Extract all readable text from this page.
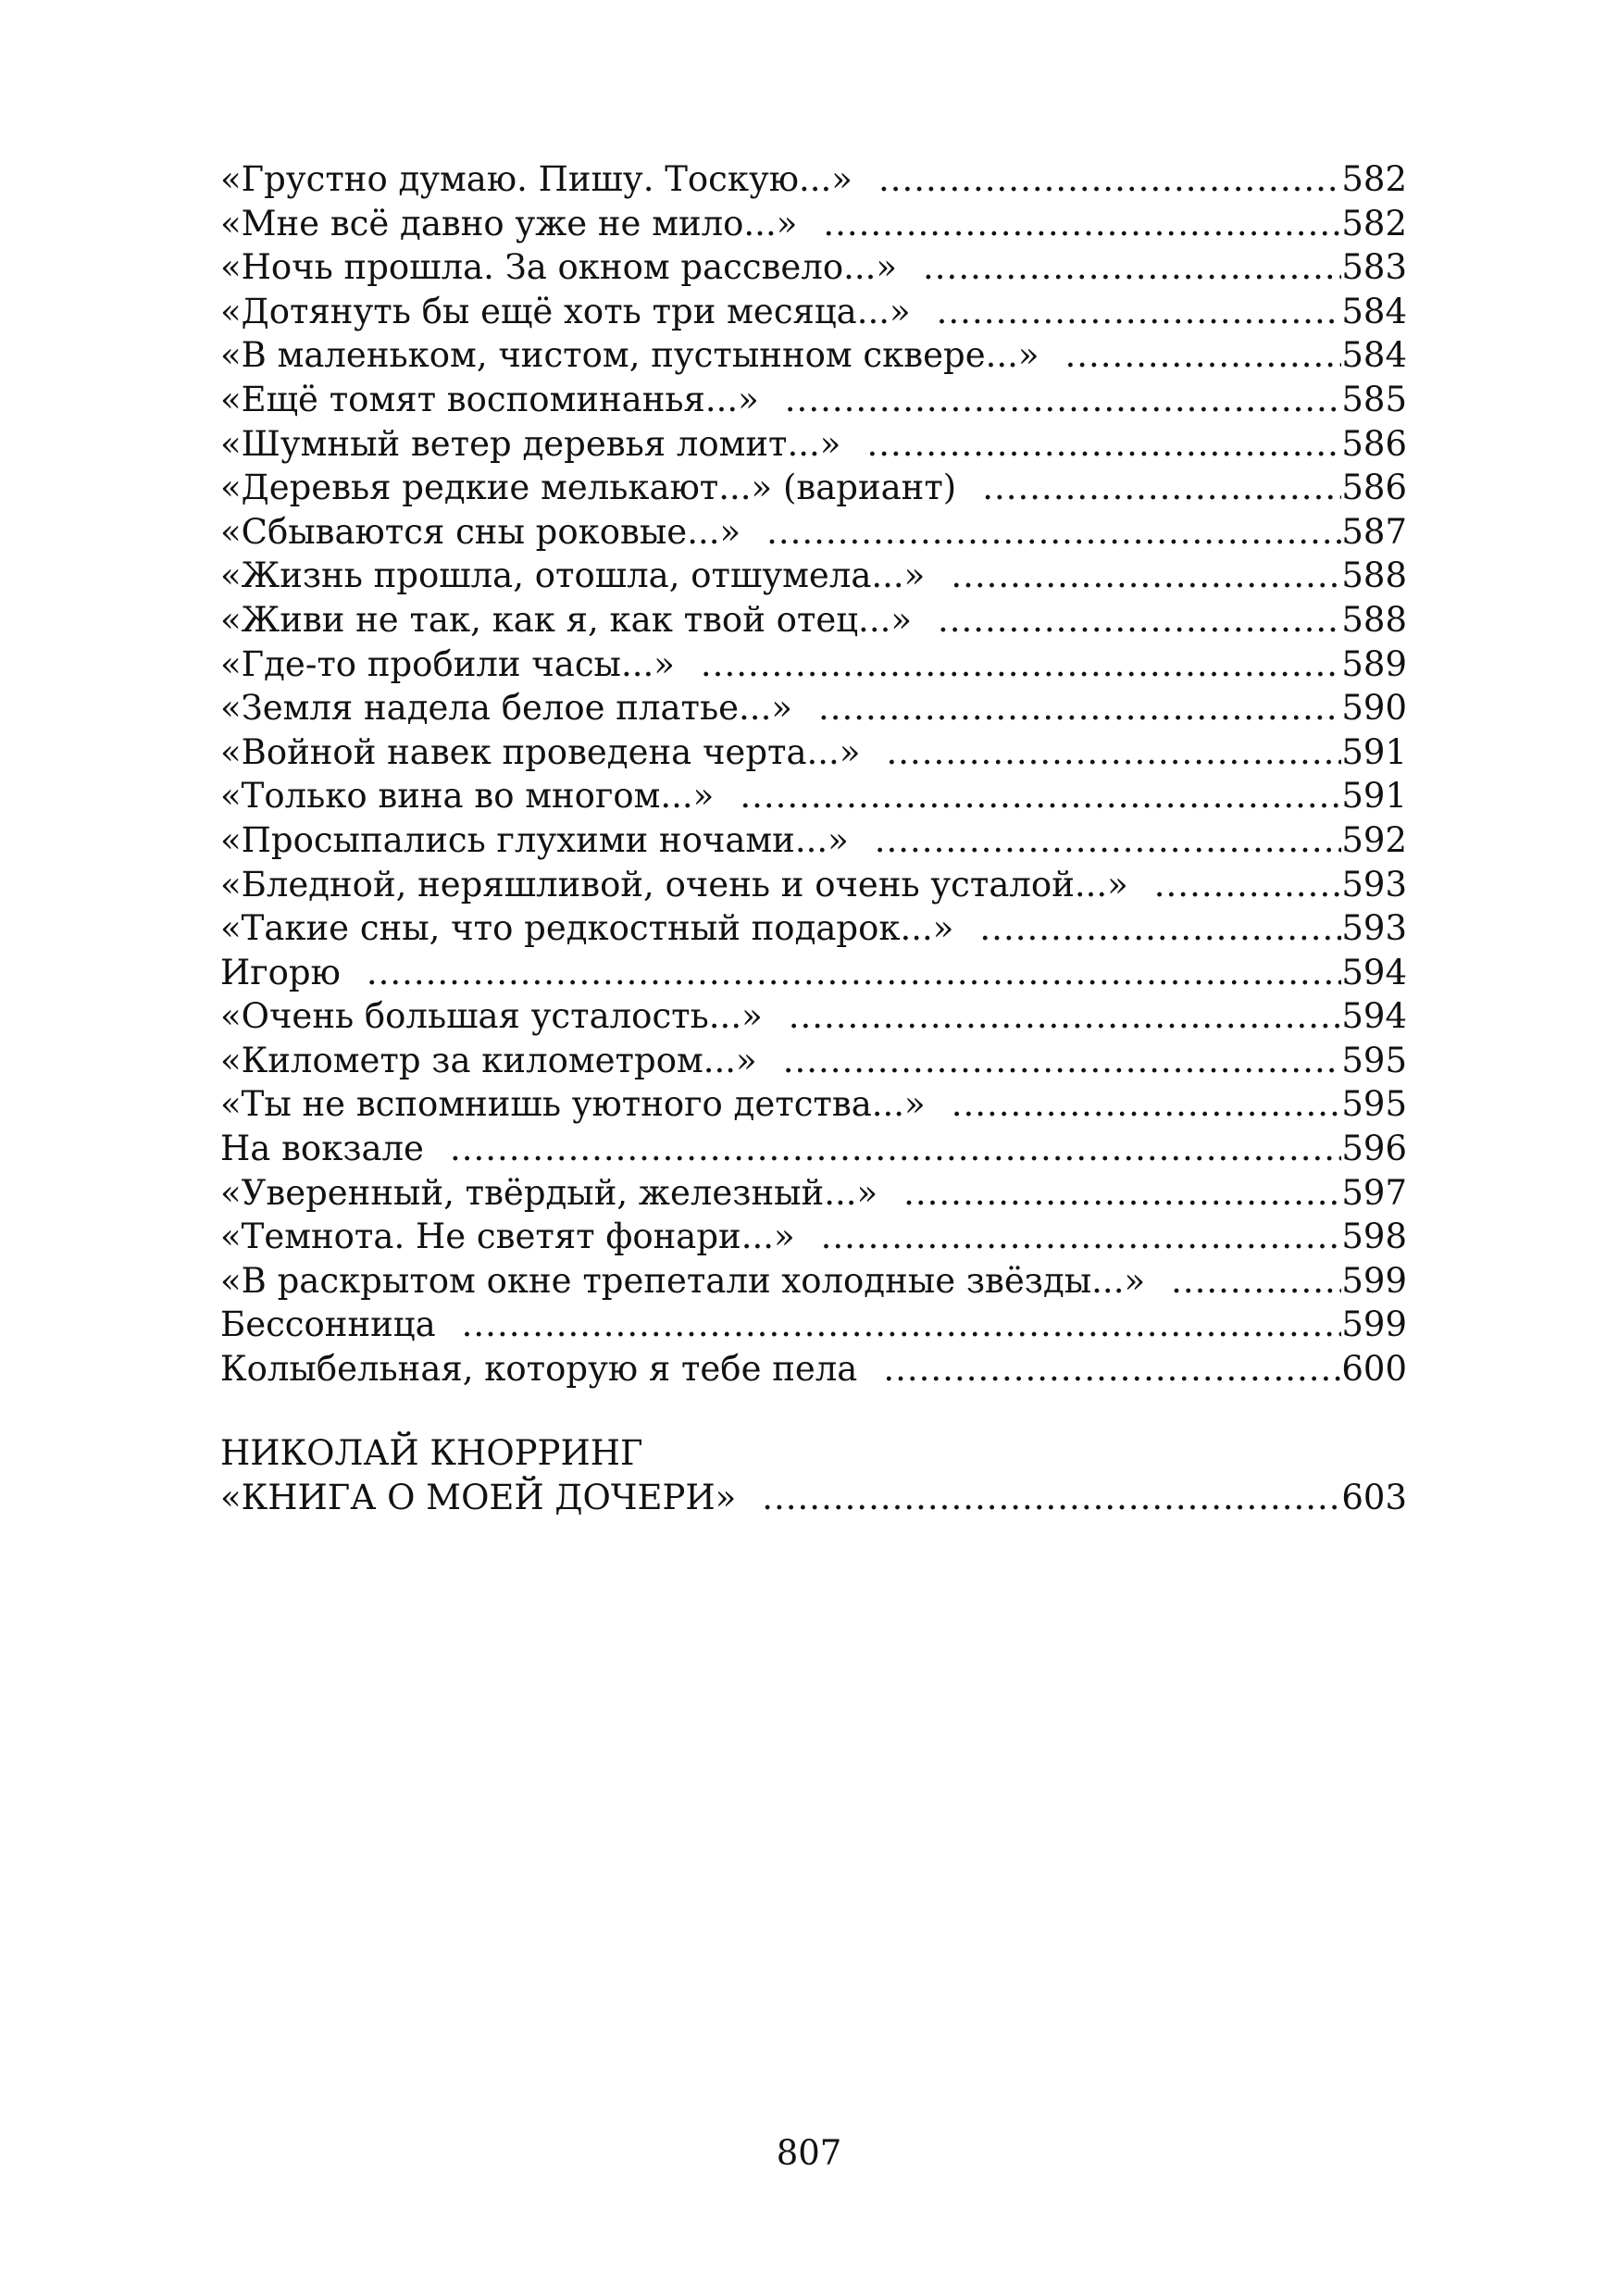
«Грустно думаю. Пишу. Тоскую...» .....	582
«Мне всё давно уже не мило...» .....	582
«Ночь прошла. За окном рассвело...» .....	583
«Дотянуть бы ещё хоть три месяца...» .....	584
«В маленьком, чистом, пустынном сквере...» .....	584
«Ещё томят воспоминанья...» .....	585
«Шумный ветер деревья ломит...» .....	586
«Деревья редкие мелькают...» (вариант) .....	586
«Сбываются сны роковые...» .....	587
«Жизнь прошла, отошла, отшумела...» .....	588
«Живи не так, как я, как твой отец...» .....	588
«Где-то пробили часы...» .....	589
«Земля надела белое платье...» .....	590
«Войной навек проведена черта...» .....	591
«Только вина во многом...» .....	591
«Просыпались глухими ночами...» .....	592
«Бледной, неряшливой, очень и очень усталой...» .....	593
«Такие сны, что редкостный подарок...» .....	593
Игорю .....	594
«Очень большая усталость...» .....	594
«Километр за километром...» .....	595
«Ты не вспомнишь уютного детства...» .....	595
На вокзале .....	596
«Уверенный, твёрдый, железный...» .....	597
«Темнота. Не светят фонари...» .....	598
«В раскрытом окне трепетали холодные звёзды...» .....	599
Бессонница .....	599
Колыбельная, которую я тебе пела .....	600
НИКОЛАЙ КНОРРИНГ
«КНИГА О МОЕЙ ДОЧЕРИ» .....	603
807
